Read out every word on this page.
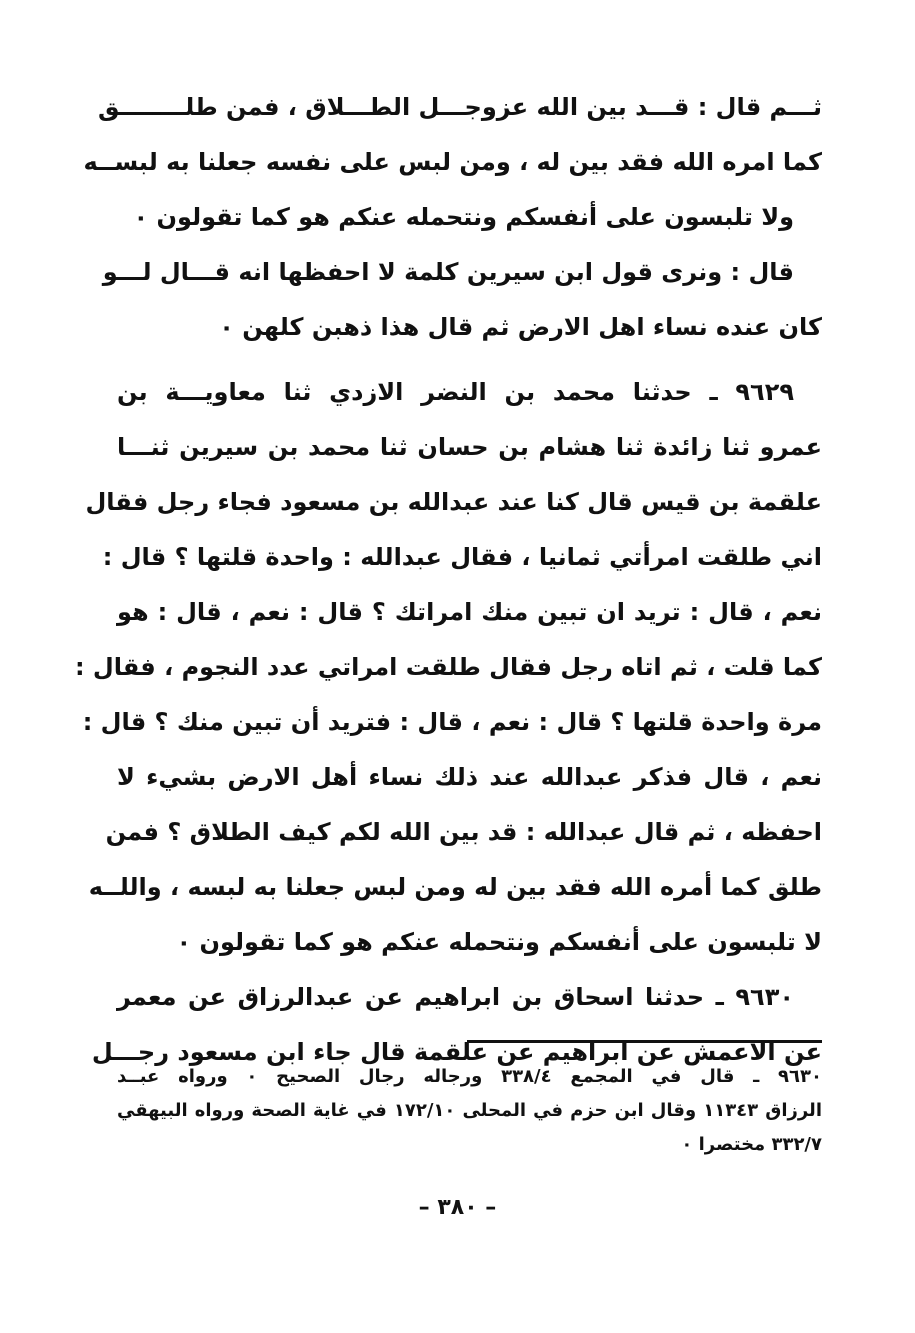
ثـــم قال : قـــد بين الله عزوجـــل الطـــلاق ، فمن طلــــــــق
كما امره الله فقد بين له ، ومن لبس على نفسه جعلنا به لبســه
ولا تلبسون على أنفسكم ونتحمله عنكم هو كما تقولون ٠
قال : ونرى قول ابن سيرين كلمة لا احفظها انه قـــال لـــو
كان عنده نساء اهل الارض ثم قال هذا ذهبن كلهن ٠
٩٦٢٩ ـ حدثنا محمد بن النضر الازدي ثنا معاويـــة بن
عمرو ثنا زائدة ثنا هشام بن حسان ثنا محمد بن سيرين ثنـــا
علقمة بن قيس قال كنا عند عبدالله بن مسعود فجاء رجل فقال
اني طلقت امرأتي ثمانيا ، فقال عبدالله : واحدة قلتها ؟ قال :
نعم ، قال : تريد ان تبين منك امراتك ؟ قال : نعم ، قال : هو
كما قلت ، ثم اتاه رجل فقال طلقت امراتي عدد النجوم ، فقال :
مرة واحدة قلتها ؟ قال : نعم ، قال : فتريد أن تبين منك ؟ قال :
نعم ، قال فذكر عبدالله عند ذلك نساء أهل الارض بشيء لا
احفظه ، ثم قال عبدالله : قد بين الله لكم كيف الطلاق ؟ فمن
طلق كما أمره الله فقد بين له ومن لبس جعلنا به لبسه ، واللــه
لا تلبسون على أنفسكم ونتحمله عنكم هو كما تقولون ٠
٩٦٣٠ ـ حدثنا اسحاق بن ابراهيم عن عبدالرزاق عن معمر
عن الاعمش عن ابراهيم عن علقمة قال جاء ابن مسعود رجـــل
٩٦٣٠ ـ قال في المجمع ٣٣٨/٤ ورجاله رجال الصحيح ٠ ورواه عبــد
الرزاق ١١٣٤٣ وقال ابن حزم في المحلى ١٧٢/١٠ في غاية الصحة ورواه البيهقي
٣٣٢/٧ مختصرا ٠
– ٣٨٠ –
